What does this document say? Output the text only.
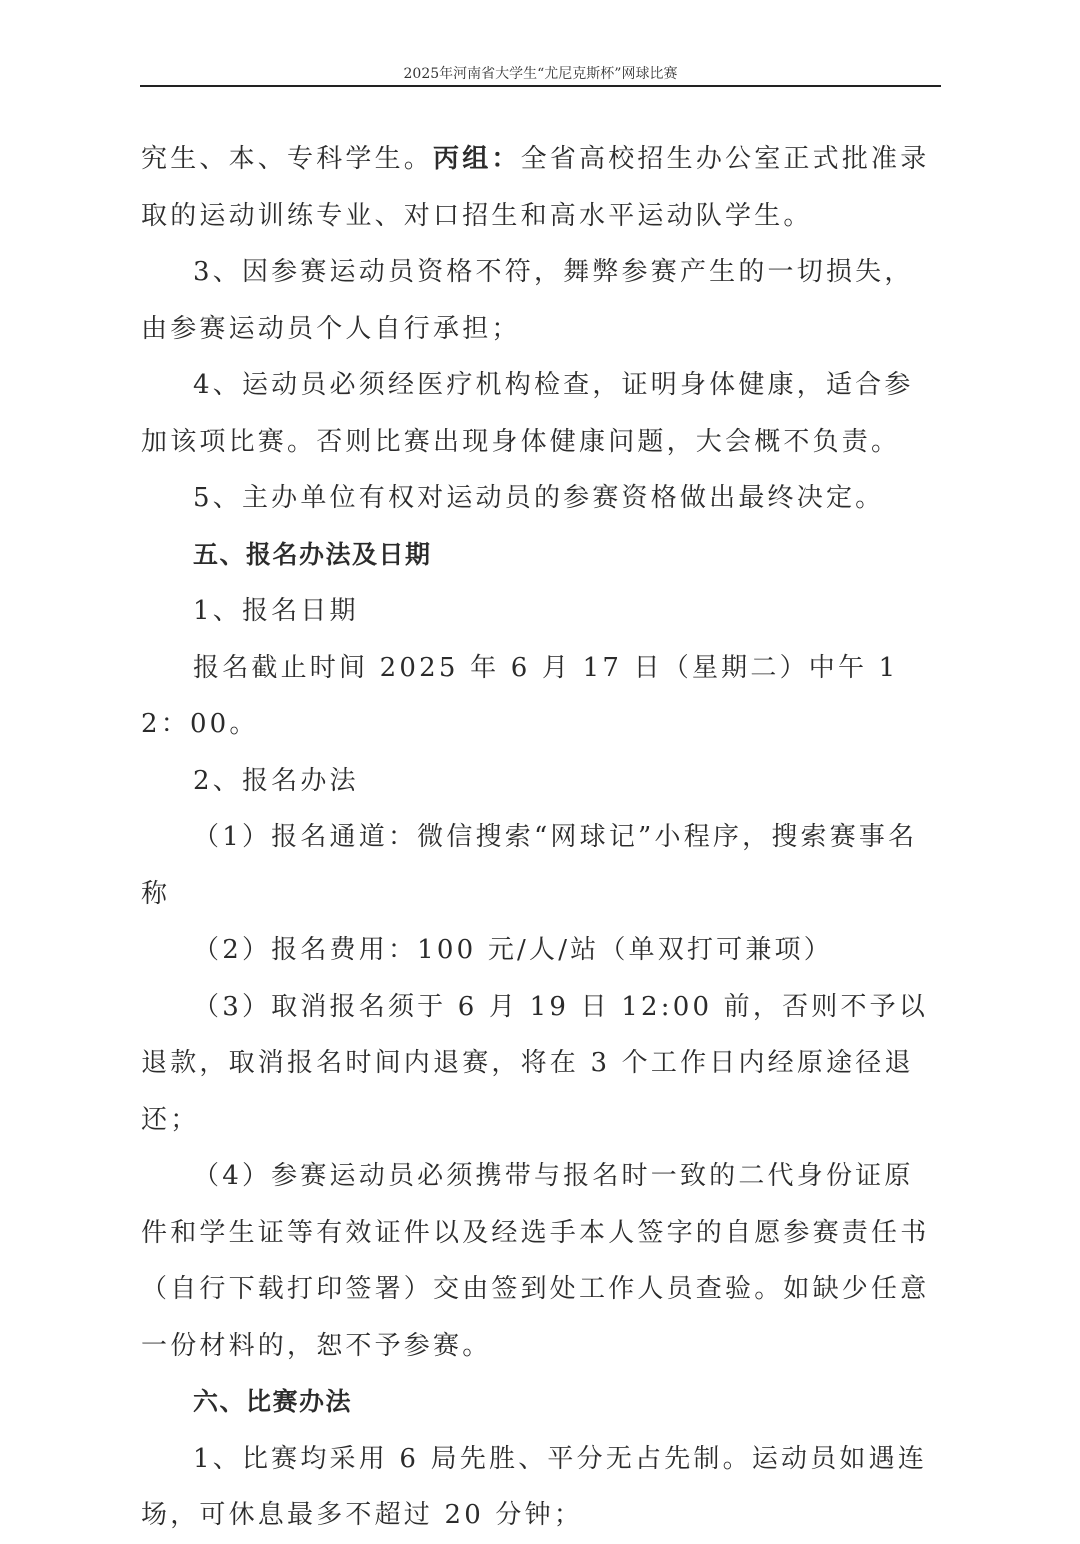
2025年河南省大学生“尤尼克斯杯”网球比赛

究生、本、专科学生。丙组：全省高校招生办公室正式批准录取的运动训练专业、对口招生和高水平运动队学生。

3、因参赛运动员资格不符，舞弊参赛产生的一切损失，由参赛运动员个人自行承担；

4、运动员必须经医疗机构检查，证明身体健康，适合参加该项比赛。否则比赛出现身体健康问题，大会概不负责。

5、主办单位有权对运动员的参赛资格做出最终决定。

五、报名办法及日期

1、报名日期

报名截止时间 2025 年 6 月 17 日（星期二）中午 12：00。

2、报名办法

（1）报名通道：微信搜索“网球记”小程序，搜索赛事名称

（2）报名费用：100 元/人/站（单双打可兼项）

（3）取消报名须于 6 月 19 日 12:00 前，否则不予以退款，取消报名时间内退赛，将在 3 个工作日内经原途径退还；

（4）参赛运动员必须携带与报名时一致的二代身份证原件和学生证等有效证件以及经选手本人签字的自愿参赛责任书（自行下载打印签署）交由签到处工作人员查验。如缺少任意一份材料的，恕不予参赛。

六、比赛办法

1、比赛均采用 6 局先胜、平分无占先制。运动员如遇连场，可休息最多不超过 20 分钟；
